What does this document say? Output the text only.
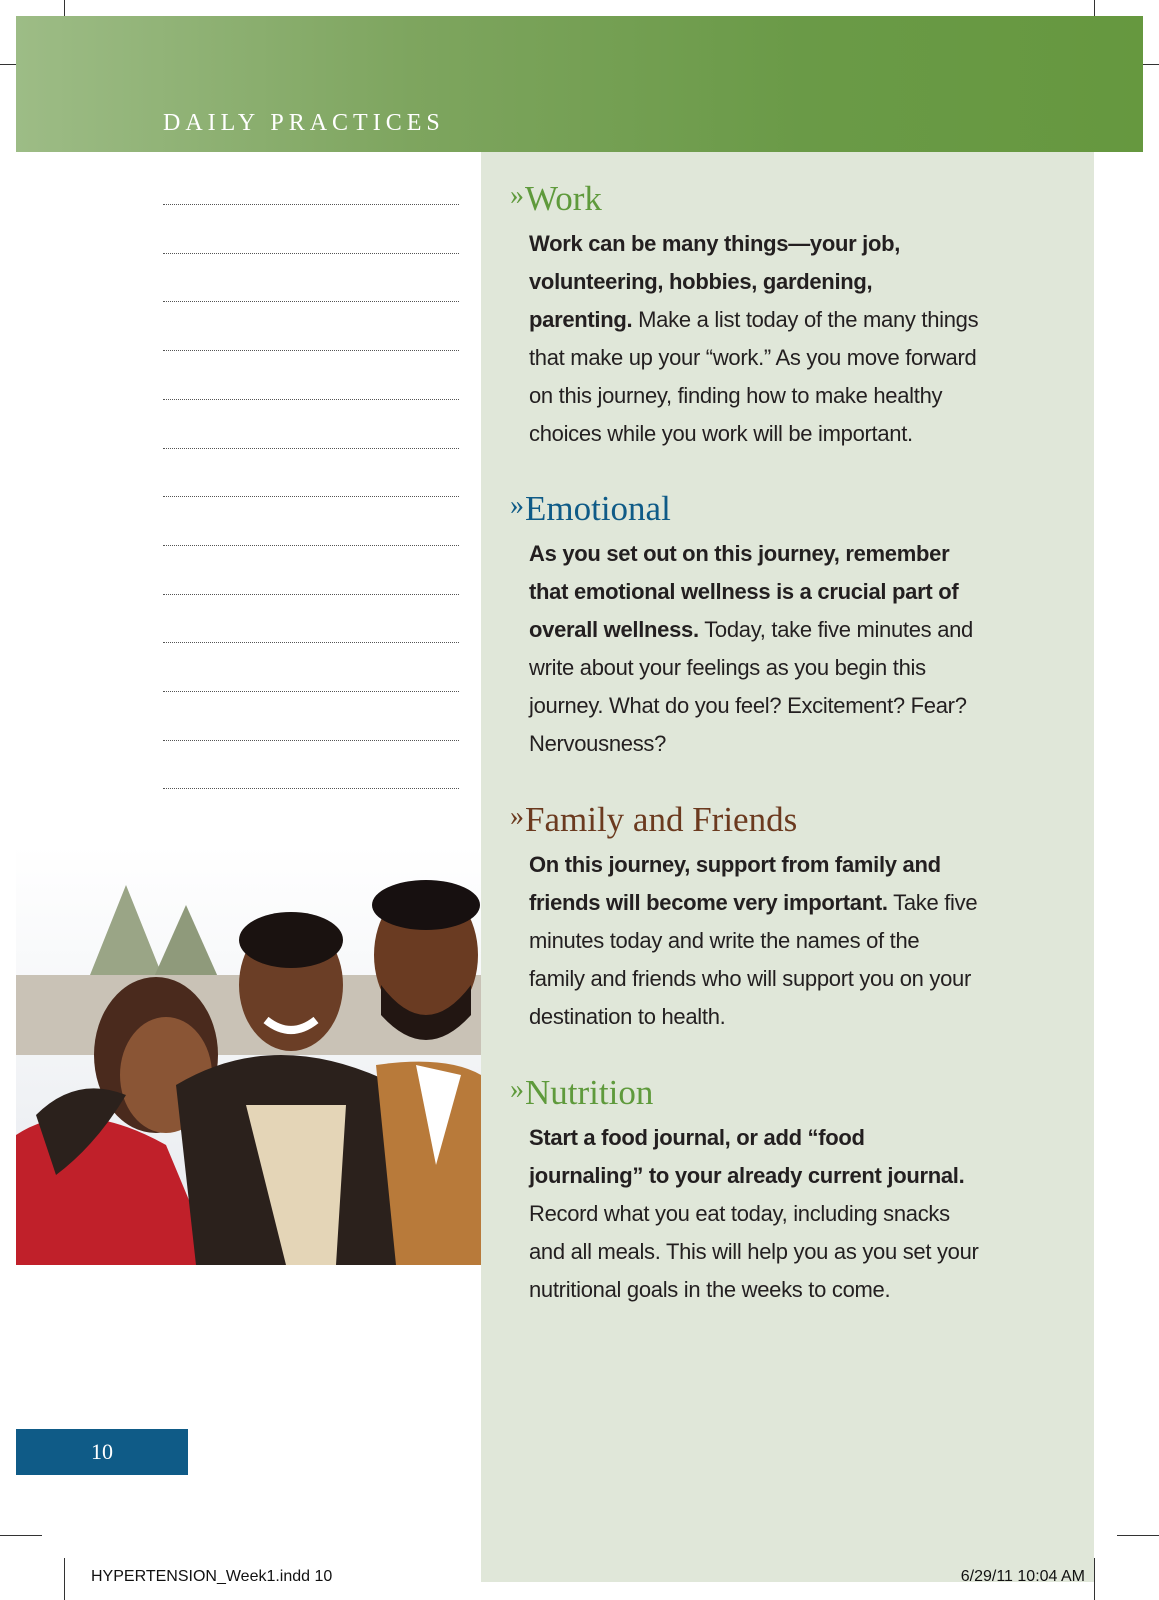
DAILY PRACTICES
»Work

Work can be many things—your job, volunteering, hobbies, gardening, parenting. Make a list today of the many things that make up your “work.” As you move forward on this journey, finding how to make healthy choices while you work will be important.

»Emotional

As you set out on this journey, remember that emotional wellness is a crucial part of overall wellness. Today, take five minutes and write about your feelings as you begin this journey. What do you feel? Excitement? Fear? Nervousness?

»Family and Friends

On this journey, support from family and friends will become very important. Take five minutes today and write the names of the family and friends who will support you on your destination to health.

»Nutrition

Start a food journal, or add “food journaling” to your already current journal. Record what you eat today, including snacks and all meals. This will help you as you set your nutritional goals in the weeks to come.

10
HYPERTENSION_Week1.indd 10	6/29/11 10:04 AM
